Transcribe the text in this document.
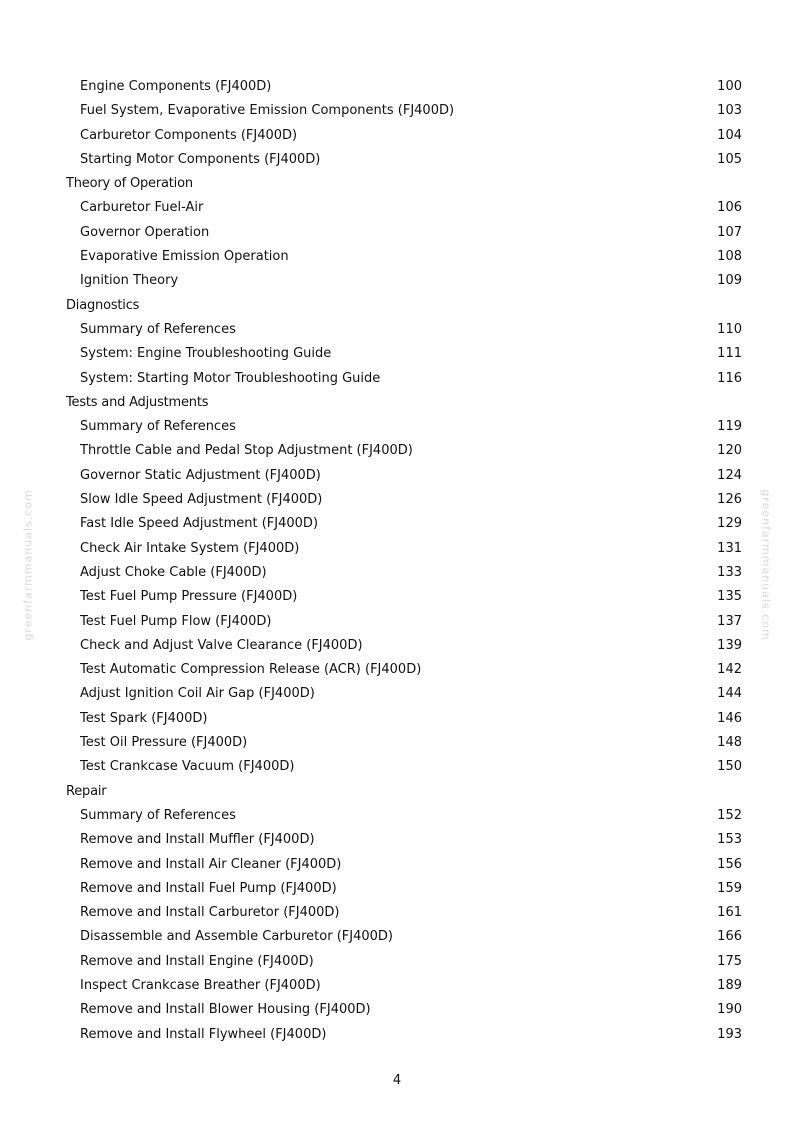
greenfarmmanuals.com	greenfarmmanuals.com
Engine Components (FJ400D)	100
Fuel System, Evaporative Emission Components (FJ400D)	103
Carburetor Components (FJ400D)	104
Starting Motor Components (FJ400D)	105
Theory of Operation
Carburetor Fuel-Air	106
Governor Operation	107
Evaporative Emission Operation	108
Ignition Theory	109
Diagnostics
Summary of References	110
System: Engine Troubleshooting Guide	111
System: Starting Motor Troubleshooting Guide	116
Tests and Adjustments
Summary of References	119
Throttle Cable and Pedal Stop Adjustment (FJ400D)	120
Governor Static Adjustment (FJ400D)	124
Slow Idle Speed Adjustment (FJ400D)	126
Fast Idle Speed Adjustment (FJ400D)	129
Check Air Intake System (FJ400D)	131
Adjust Choke Cable (FJ400D)	133
Test Fuel Pump Pressure (FJ400D)	135
Test Fuel Pump Flow (FJ400D)	137
Check and Adjust Valve Clearance (FJ400D)	139
Test Automatic Compression Release (ACR) (FJ400D)	142
Adjust Ignition Coil Air Gap (FJ400D)	144
Test Spark (FJ400D)	146
Test Oil Pressure (FJ400D)	148
Test Crankcase Vacuum (FJ400D)	150
Repair
Summary of References	152
Remove and Install Muffler (FJ400D)	153
Remove and Install Air Cleaner (FJ400D)	156
Remove and Install Fuel Pump (FJ400D)	159
Remove and Install Carburetor (FJ400D)	161
Disassemble and Assemble Carburetor (FJ400D)	166
Remove and Install Engine (FJ400D)	175
Inspect Crankcase Breather (FJ400D)	189
Remove and Install Blower Housing (FJ400D)	190
Remove and Install Flywheel (FJ400D)	193
4
